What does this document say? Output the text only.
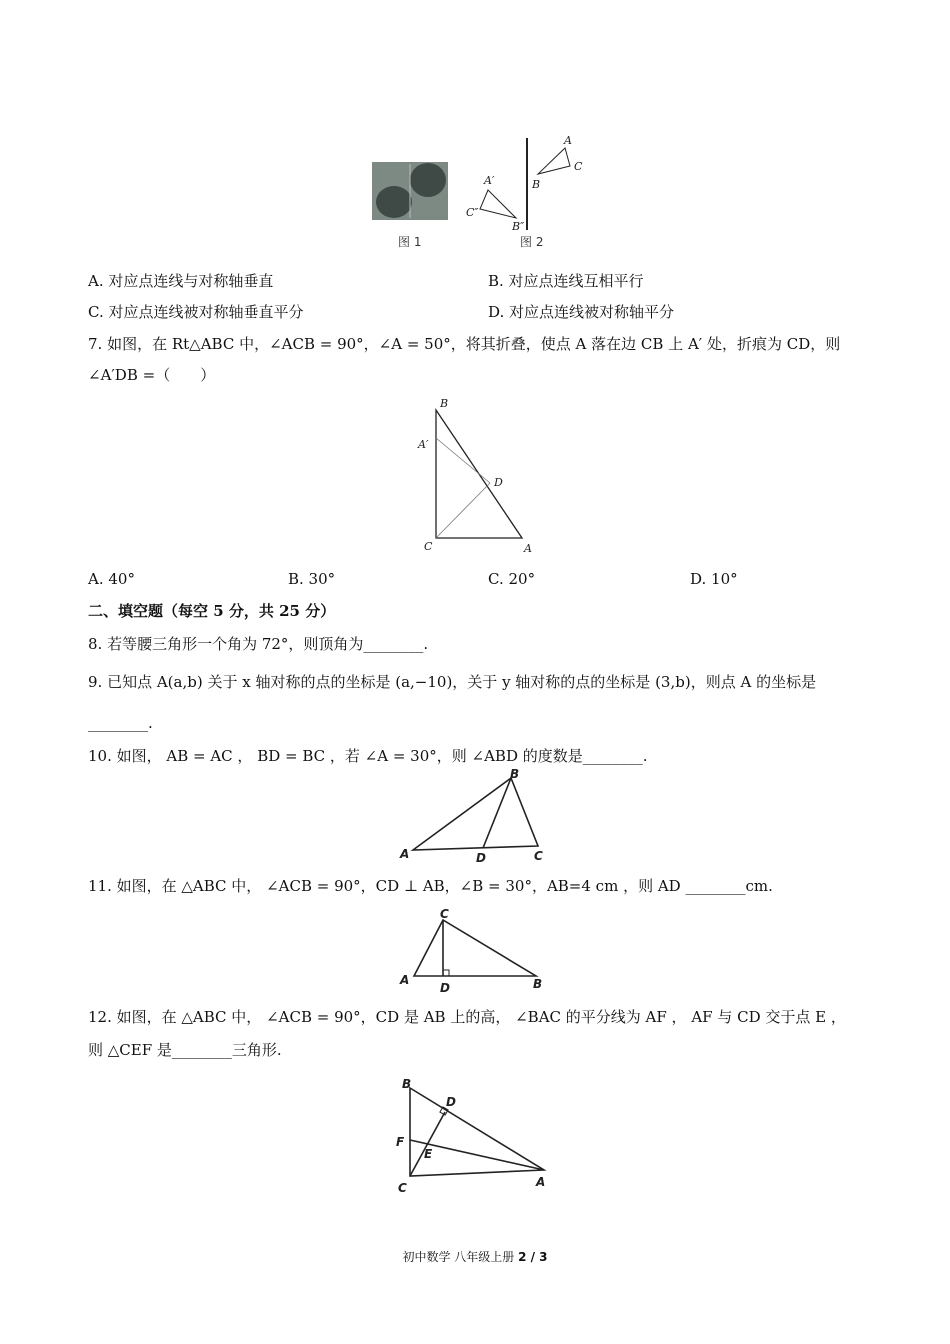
A
B
C
A′
C″
B″
图 1	图 2
A. 对应点连线与对称轴垂直	B. 对应点连线互相平行
C. 对应点连线被对称轴垂直平分	D. 对应点连线被对称轴平分
7. 如图，在 Rt△ABC 中，∠ACB = 90°，∠A = 50°，将其折叠，使点 A 落在边 CB 上 A′ 处，折痕为 CD，则
∠A′DB =（　　）
B
A′
D
C	A
A. 40°	B. 30°	C. 20°	D. 10°
二、填空题（每空 5 分，共 25 分）
8. 若等腰三角形一个角为 72°，则顶角为________.
9. 已知点 A(a,b) 关于 x 轴对称的点的坐标是 (a,−10)，关于 y 轴对称的点的坐标是 (3,b)，则点 A 的坐标是
________.
10. 如图， AB = AC ， BD = BC ，若 ∠A = 30°，则 ∠ABD 的度数是________.
B
A	D	C
11. 如图，在 △ABC 中， ∠ACB = 90°，CD ⊥ AB，∠B = 30°，AB=4 cm ，则 AD ________cm.
C
A
D	B
12. 如图，在 △ABC 中， ∠ACB = 90°，CD 是 AB 上的高， ∠BAC 的平分线为 AF ， AF 与 CD 交于点 E ，
则 △CEF 是________三角形.
B
D
F
E
C	A
初中数学 八年级上册 2 / 3
